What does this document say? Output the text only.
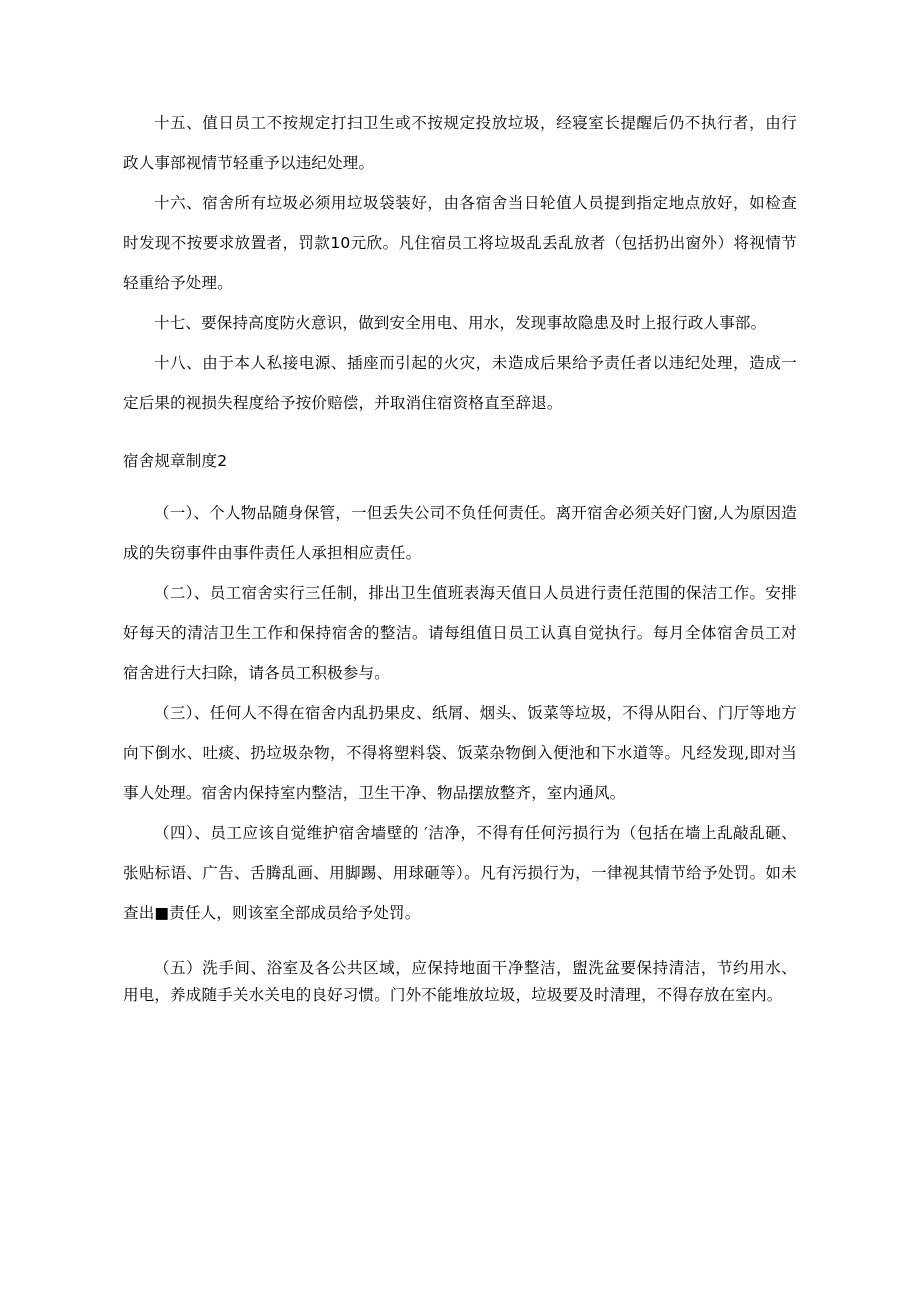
十五、值日员工不按规定打扫卫生或不按规定投放垃圾，经寝室长提醒后仍不执行者，由行政人事部视情节轻重予以违纪处理。

十六、宿舍所有垃圾必须用垃圾袋装好，由各宿舍当日轮值人员提到指定地点放好，如检查时发现不按要求放置者，罚款10元欣。凡住宿员工将垃圾乱丢乱放者（包括扔出窗外）将视情节轻重给予处理。

十七、要保持高度防火意识，做到安全用电、用水，发现事故隐患及时上报行政人事部。

十八、由于本人私接电源、插座而引起的火灾，未造成后果给予责任者以违纪处理，造成一定后果的视损失程度给予按价赔偿，并取消住宿资格直至辞退。

宿舍规章制度2

（一）、个人物品随身保管，一但丢失公司不负任何责任。离开宿舍必须关好门窗,人为原因造成的失窃事件由事件责任人承担相应责任。

（二）、员工宿舍实行三任制，排出卫生值班表海天值日人员进行责任范围的保洁工作。安排好每天的清洁卫生工作和保持宿舍的整洁。请每组值日员工认真自觉执行。每月全体宿舍员工对宿舍进行大扫除，请各员工积极参与。

（三）、任何人不得在宿舍内乱扔果皮、纸屑、烟头、饭菜等垃圾，不得从阳台、门厅等地方向下倒水、吐痰、扔垃圾杂物，不得将塑料袋、饭菜杂物倒入便池和下水道等。凡经发现,即对当事人处理。宿舍内保持室内整洁，卫生干净、物品摆放整齐，室内通风。

（四）、员工应该自觉维护宿舍墙壁的 ′洁净，不得有任何污损行为（包括在墙上乱敲乱砸、张贴标语、广告、舌腾乱画、用脚踢、用球砸等）。凡有污损行为，一律视其情节给予处罚。如未查出■责任人，则该室全部成员给予处罚。

（五）洗手间、浴室及各公共区域，应保持地面干净整洁，盥洗盆要保持清洁，节约用水、用电，养成随手关水关电的良好习惯。门外不能堆放垃圾，垃圾要及时清理，不得存放在室内。
